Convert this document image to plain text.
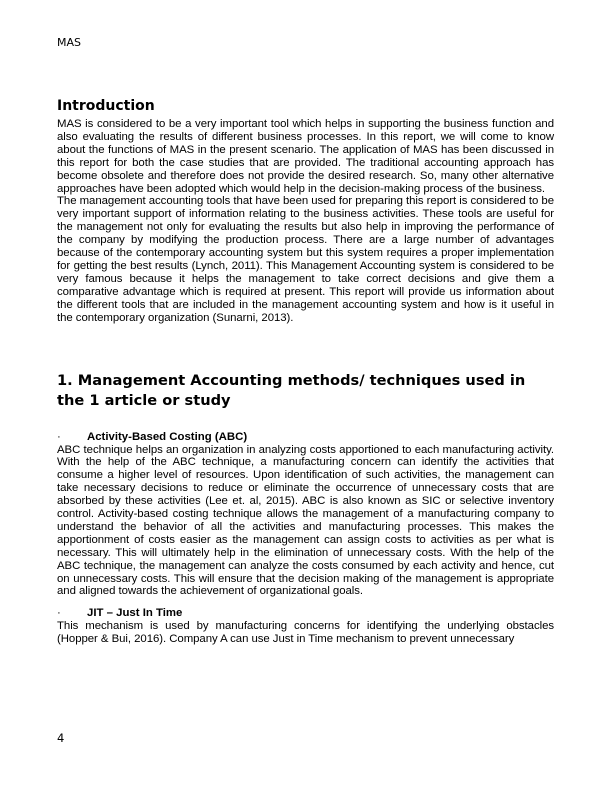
MAS
Introduction

MAS is considered to be a very important tool which helps in supporting the business function and also evaluating the results of different business processes. In this report, we will come to know about the functions of MAS in the present scenario. The application of MAS has been discussed in this report for both the case studies that are provided. The traditional accounting approach has become obsolete and therefore does not provide the desired research. So, many other alternative approaches have been adopted which would help in the decision-making process of the business.

The management accounting tools that have been used for preparing this report is considered to be very important support of information relating to the business activities. These tools are useful for the management not only for evaluating the results but also help in improving the performance of the company by modifying the production process. There are a large number of advantages because of the contemporary accounting system but this system requires a proper implementation for getting the best results (Lynch, 2011). This Management Accounting system is considered to be very famous because it helps the management to take correct decisions and give them a comparative advantage which is required at present. This report will provide us information about the different tools that are included in the management accounting system and how is it useful in the contemporary organization (Sunarni, 2013).

1. Management Accounting methods/ techniques used in the 1 article or study
·	Activity-Based Costing (ABC)

ABC technique helps an organization in analyzing costs apportioned to each manufacturing activity. With the help of the ABC technique, a manufacturing concern can identify the activities that consume a higher level of resources. Upon identification of such activities, the management can take necessary decisions to reduce or eliminate the occurrence of unnecessary costs that are absorbed by these activities (Lee et. al, 2015). ABC is also known as SIC or selective inventory control. Activity-based costing technique allows the management of a manufacturing company to understand the behavior of all the activities and manufacturing processes. This makes the apportionment of costs easier as the management can assign costs to activities as per what is necessary. This will ultimately help in the elimination of unnecessary costs. With the help of the ABC technique, the management can analyze the costs consumed by each activity and hence, cut on unnecessary costs. This will ensure that the decision making of the management is appropriate and aligned towards the achievement of organizational goals.

·	JIT – Just In Time

This mechanism is used by manufacturing concerns for identifying the underlying obstacles (Hopper & Bui, 2016). Company A can use Just in Time mechanism to prevent unnecessary

4
